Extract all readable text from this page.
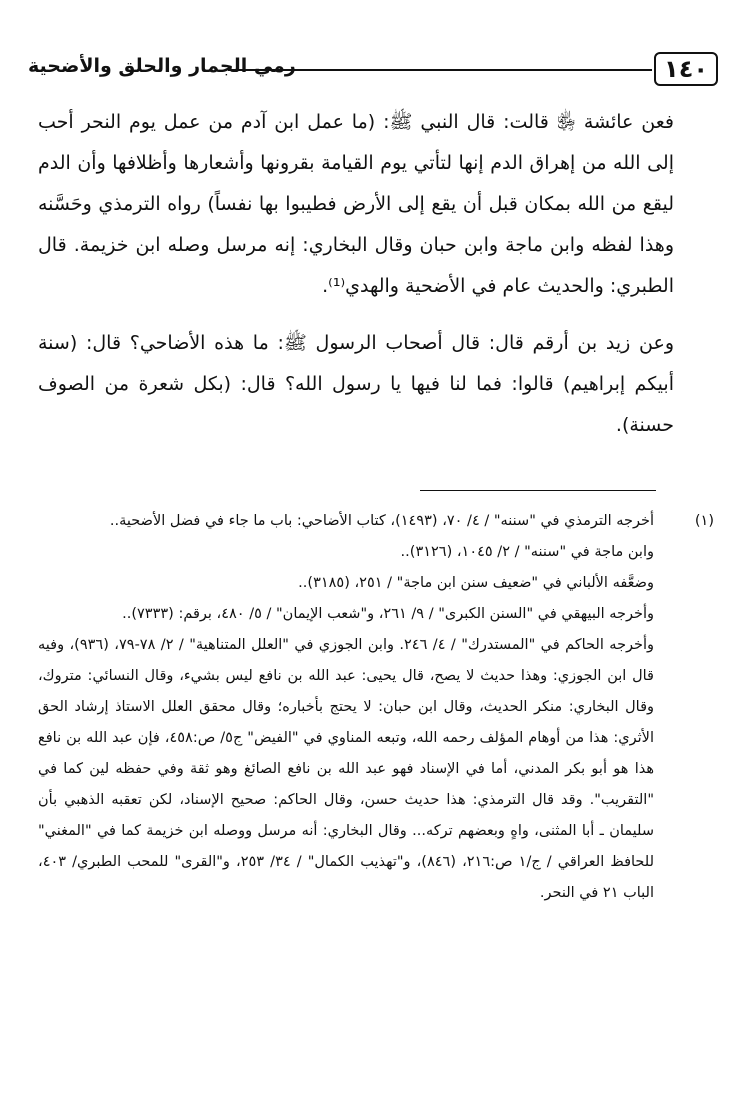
١٤٠
رمي الجمار والحلق والأضحية

فعن عائشة ﵂ قالت: قال النبي ﷺ: (ما عمل ابن آدم من عمل يوم النحر أحب إلى الله من إهراق الدم إنها لتأتي يوم القيامة بقرونها وأشعارها وأظلافها وأن الدم ليقع من الله بمكان قبل أن يقع إلى الأرض فطيبوا بها نفساً) رواه الترمذي وحَسَّنه وهذا لفظه وابن ماجة وابن حبان وقال البخاري: إنه مرسل وصله ابن خزيمة. قال الطبري: والحديث عام في الأضحية والهدي⁽¹⁾.

وعن زيد بن أرقم قال: قال أصحاب الرسول ﷺ: ما هذه الأضاحي؟ قال: (سنة أبيكم إبراهيم) قالوا: فما لنا فيها يا رسول الله؟ قال: (بكل شعرة من الصوف حسنة).

(١)
أخرجه الترمذي في "سننه" / ٤/ ٧٠، (١٤٩٣)، كتاب الأضاحي: باب ما جاء في فضل الأضحية..
وابن ماجة في "سننه" / ٢/ ١٠٤٥، (٣١٢٦)..
وضعَّفه الألباني في "ضعيف سنن ابن ماجة" / ٢٥١، (٣١٨٥)..
وأخرجه البيهقي في "السنن الكبرى" / ٩/ ٢٦١، و"شعب الإيمان" / ٥/ ٤٨٠، برقم: (٧٣٣٣)..
وأخرجه الحاكم في "المستدرك" / ٤/ ٢٤٦. وابن الجوزي في "العلل المتناهية" / ٢/ ٧٨-٧٩، (٩٣٦)، وفيه قال ابن الجوزي: وهذا حديث لا يصح، قال يحيى: عبد الله بن نافع ليس بشيء، وقال النسائي: متروك، وقال البخاري: منكر الحديث، وقال ابن حبان: لا يحتج بأخباره؛ وقال محقق العلل الاستاذ إرشاد الحق الأثري: هذا من أوهام المؤلف رحمه الله، وتبعه المناوي في "الفيض" ج٥/ ص:٤٥٨، فإن عبد الله بن نافع هذا هو أبو بكر المدني، أما في الإسناد فهو عبد الله بن نافع الصائغ وهو ثقة وفي حفظه لين كما في "التقريب". وقد قال الترمذي: هذا حديث حسن، وقال الحاكم: صحيح الإسناد، لكن تعقبه الذهبي بأن سليمان ـ أبا المثنى، واهٍ وبعضهم تركه... وقال البخاري: أنه مرسل ووصله ابن خزيمة كما في "المغني" للحافظ العراقي / ج/١ ص:٢١٦، (٨٤٦)، و"تهذيب الكمال" / ٣٤/ ٢٥٣، و"القرى" للمحب الطبري/ ٤٠٣، الباب ٢١ في النحر.
